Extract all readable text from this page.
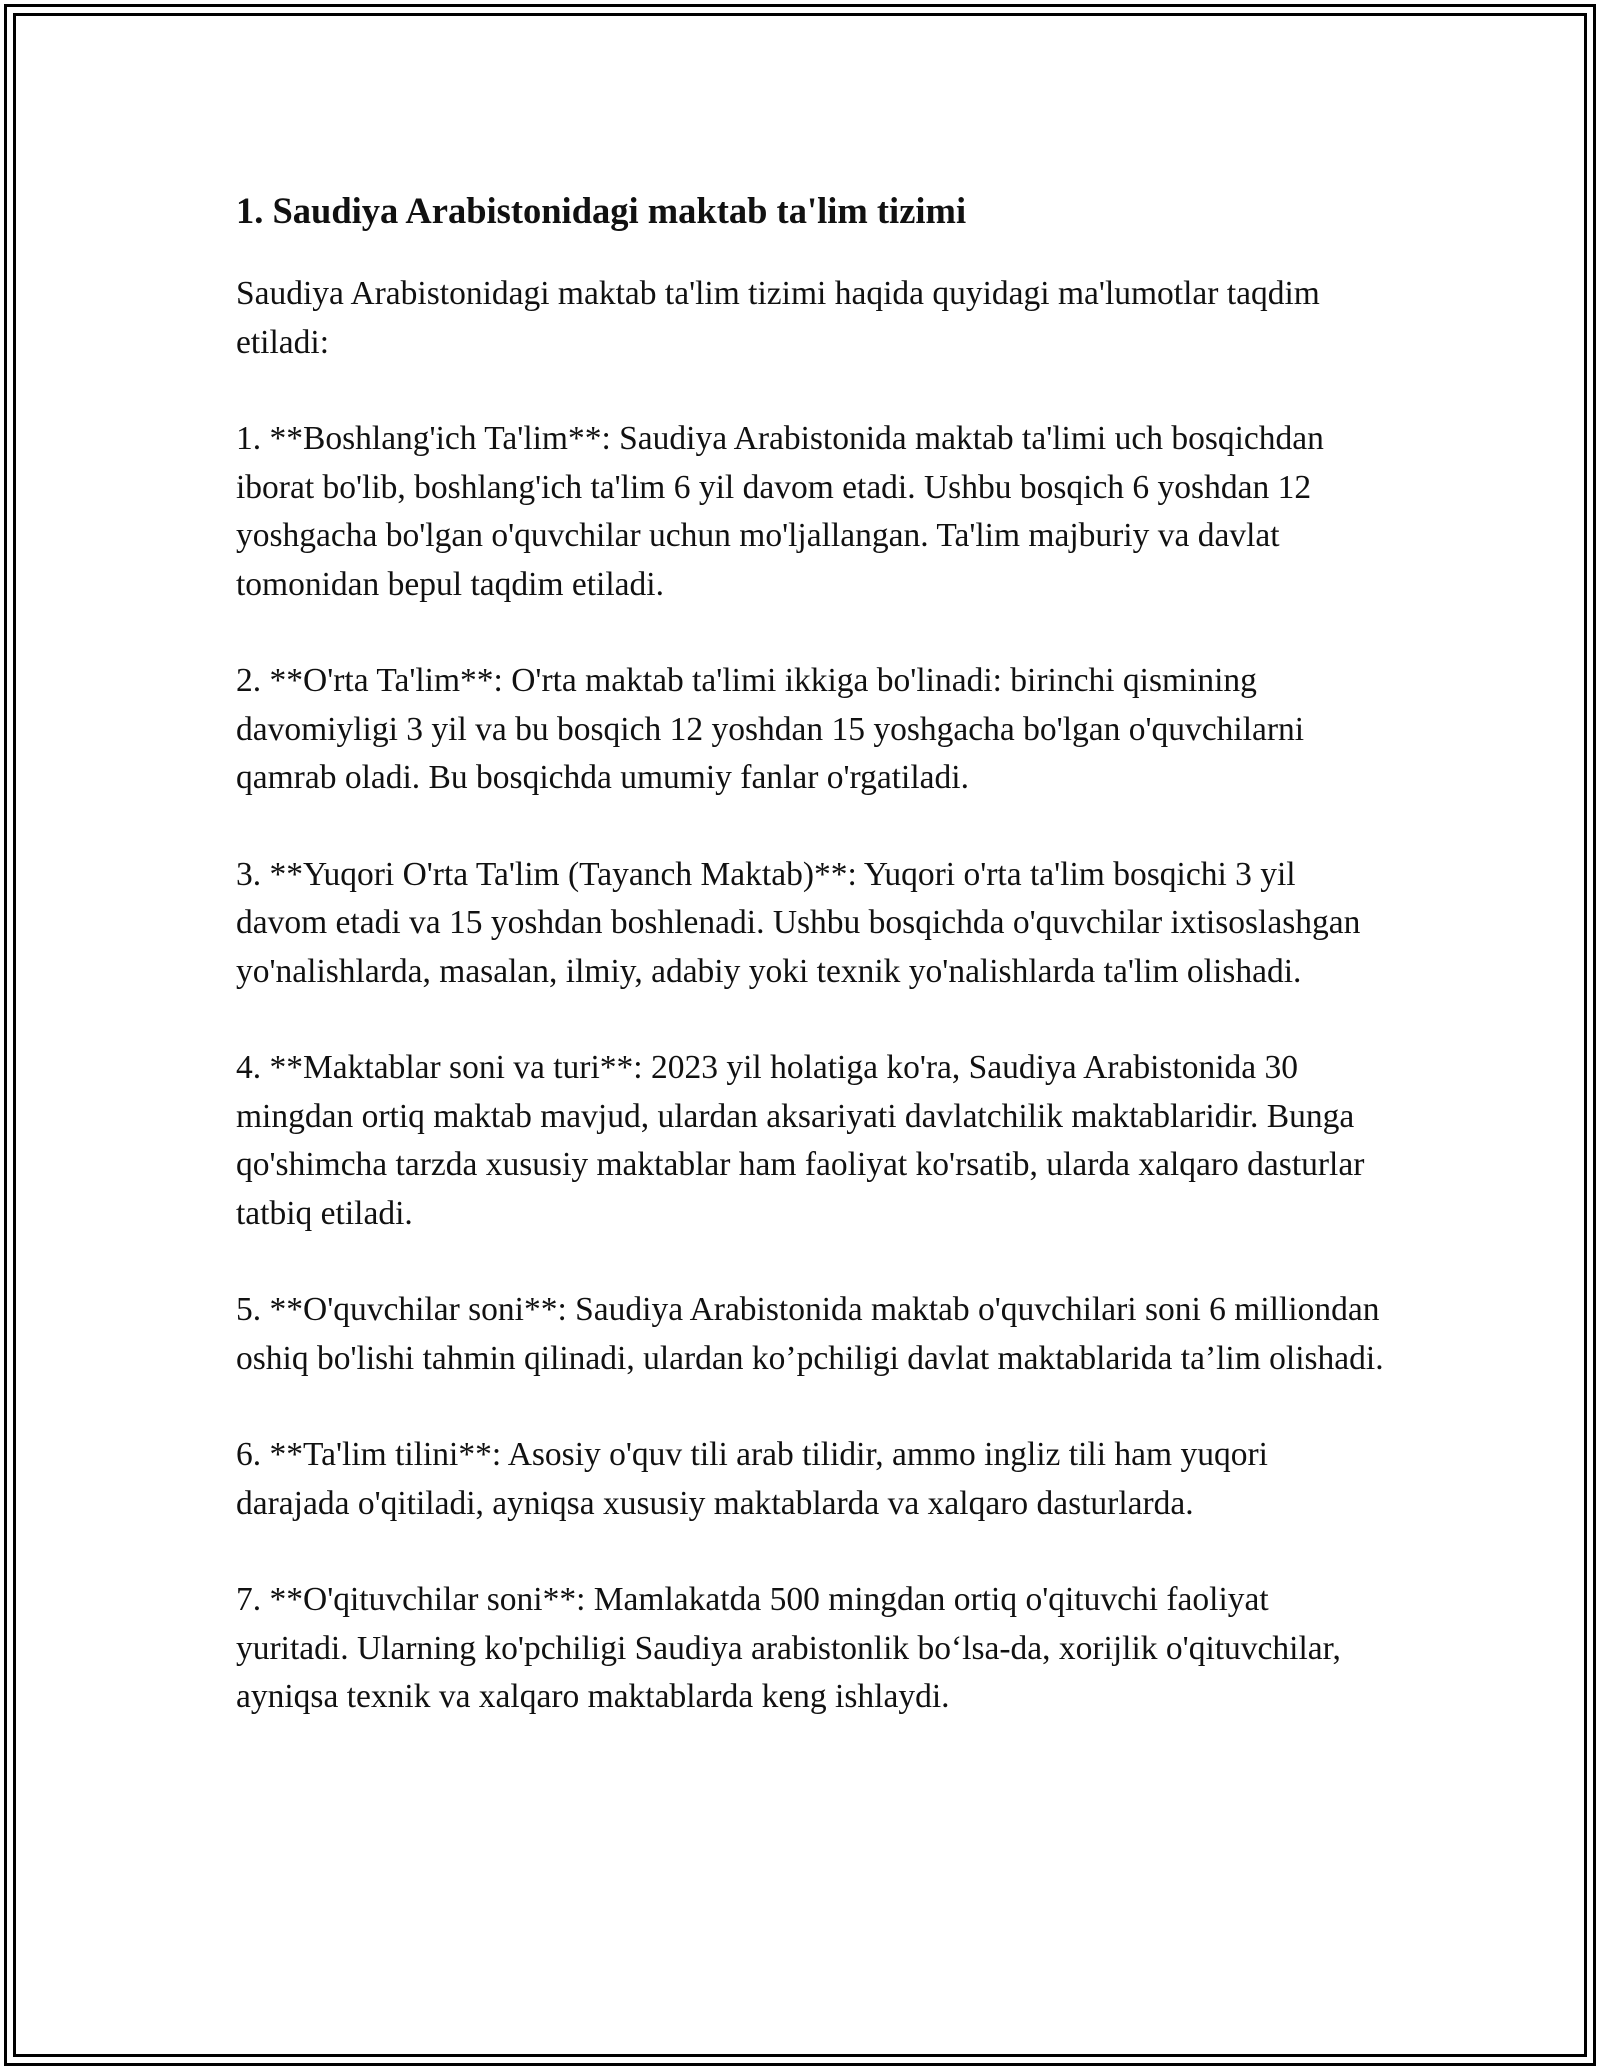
1. Saudiya Arabistonidagi maktab ta'lim tizimi

Saudiya Arabistonidagi maktab ta'lim tizimi haqida quyidagi ma'lumotlar taqdim etiladi:

1. **Boshlang'ich Ta'lim**: Saudiya Arabistonida maktab ta'limi uch bosqichdan iborat bo'lib, boshlang'ich ta'lim 6 yil davom etadi. Ushbu bosqich 6 yoshdan 12 yoshgacha bo'lgan o'quvchilar uchun mo'ljallangan. Ta'lim majburiy va davlat tomonidan bepul taqdim etiladi.

2. **O'rta Ta'lim**: O'rta maktab ta'limi ikkiga bo'linadi: birinchi qismining davomiyligi 3 yil va bu bosqich 12 yoshdan 15 yoshgacha bo'lgan o'quvchilarni qamrab oladi. Bu bosqichda umumiy fanlar o'rgatiladi.

3. **Yuqori O'rta Ta'lim (Tayanch Maktab)**: Yuqori o'rta ta'lim bosqichi 3 yil davom etadi va 15 yoshdan boshlenadi. Ushbu bosqichda o'quvchilar ixtisoslashgan yo'nalishlarda, masalan, ilmiy, adabiy yoki texnik yo'nalishlarda ta'lim olishadi.

4. **Maktablar soni va turi**: 2023 yil holatiga ko'ra, Saudiya Arabistonida 30 mingdan ortiq maktab mavjud, ulardan aksariyati davlatchilik maktablaridir. Bunga qo'shimcha tarzda xususiy maktablar ham faoliyat ko'rsatib, ularda xalqaro dasturlar tatbiq etiladi.

5. **O'quvchilar soni**: Saudiya Arabistonida maktab o'quvchilari soni 6 milliondan oshiq bo'lishi tahmin qilinadi, ulardan ko’pchiligi davlat maktablarida ta’lim olishadi.

6. **Ta'lim tilini**: Asosiy o'quv tili arab tilidir, ammo ingliz tili ham yuqori darajada o'qitiladi, ayniqsa xususiy maktablarda va xalqaro dasturlarda.

7. **O'qituvchilar soni**: Mamlakatda 500 mingdan ortiq o'qituvchi faoliyat yuritadi. Ularning ko'pchiligi Saudiya arabistonlik bo‘lsa-da, xorijlik o'qituvchilar, ayniqsa texnik va xalqaro maktablarda keng ishlaydi.
